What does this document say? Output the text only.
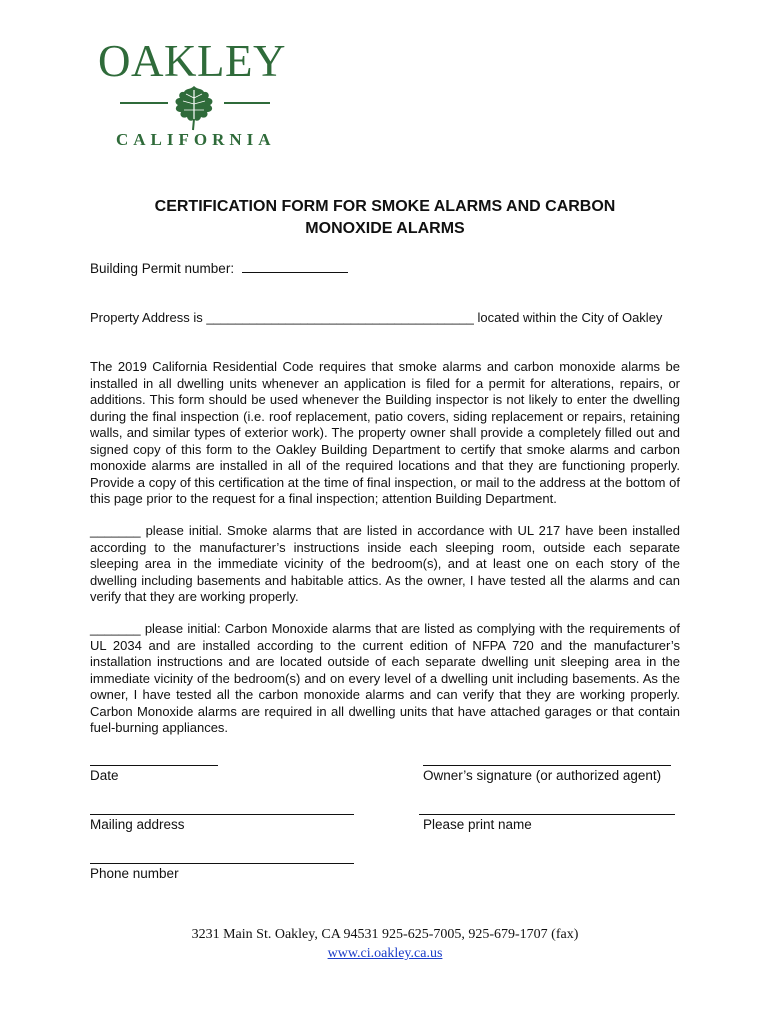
OAKLEY
CALIFORNIA
CERTIFICATION FORM FOR SMOKE ALARMS AND CARBON
MONOXIDE ALARMS
Building Permit number:
Property Address is _____________________________________ located within the City of Oakley
The 2019 California Residential Code requires that smoke alarms and carbon monoxide alarms be installed in all dwelling units whenever an application is filed for a permit for alterations, repairs, or additions. This form should be used whenever the Building inspector is not likely to enter the dwelling during the final inspection (i.e. roof replacement, patio covers, siding replacement or repairs, retaining walls, and similar types of exterior work). The property owner shall provide a completely filled out and signed copy of this form to the Oakley Building Department to certify that smoke alarms and carbon monoxide alarms are installed in all of the required locations and that they are functioning properly. Provide a copy of this certification at the time of final inspection, or mail to the address at the bottom of this page prior to the request for a final inspection; attention Building Department.
_______ please initial. Smoke alarms that are listed in accordance with UL 217 have been installed according to the manufacturer’s instructions inside each sleeping room, outside each separate sleeping area in the immediate vicinity of the bedroom(s), and at least one on each story of the dwelling including basements and habitable attics. As the owner, I have tested all the alarms and can verify that they are working properly.
_______ please initial: Carbon Monoxide alarms that are listed as complying with the requirements of UL 2034 and are installed according to the current edition of NFPA 720 and the manufacturer’s installation instructions and are located outside of each separate dwelling unit sleeping area in the immediate vicinity of the bedroom(s) and on every level of a dwelling unit including basements. As the owner, I have tested all the carbon monoxide alarms and can verify that they are working properly. Carbon Monoxide alarms are required in all dwelling units that have attached garages or that contain fuel-burning appliances.
Date	Owner’s signature (or authorized agent)
Mailing address	Please print name
Phone number
3231 Main St. Oakley, CA 94531 925-625-7005, 925-679-1707 (fax)
www.ci.oakley.ca.us
